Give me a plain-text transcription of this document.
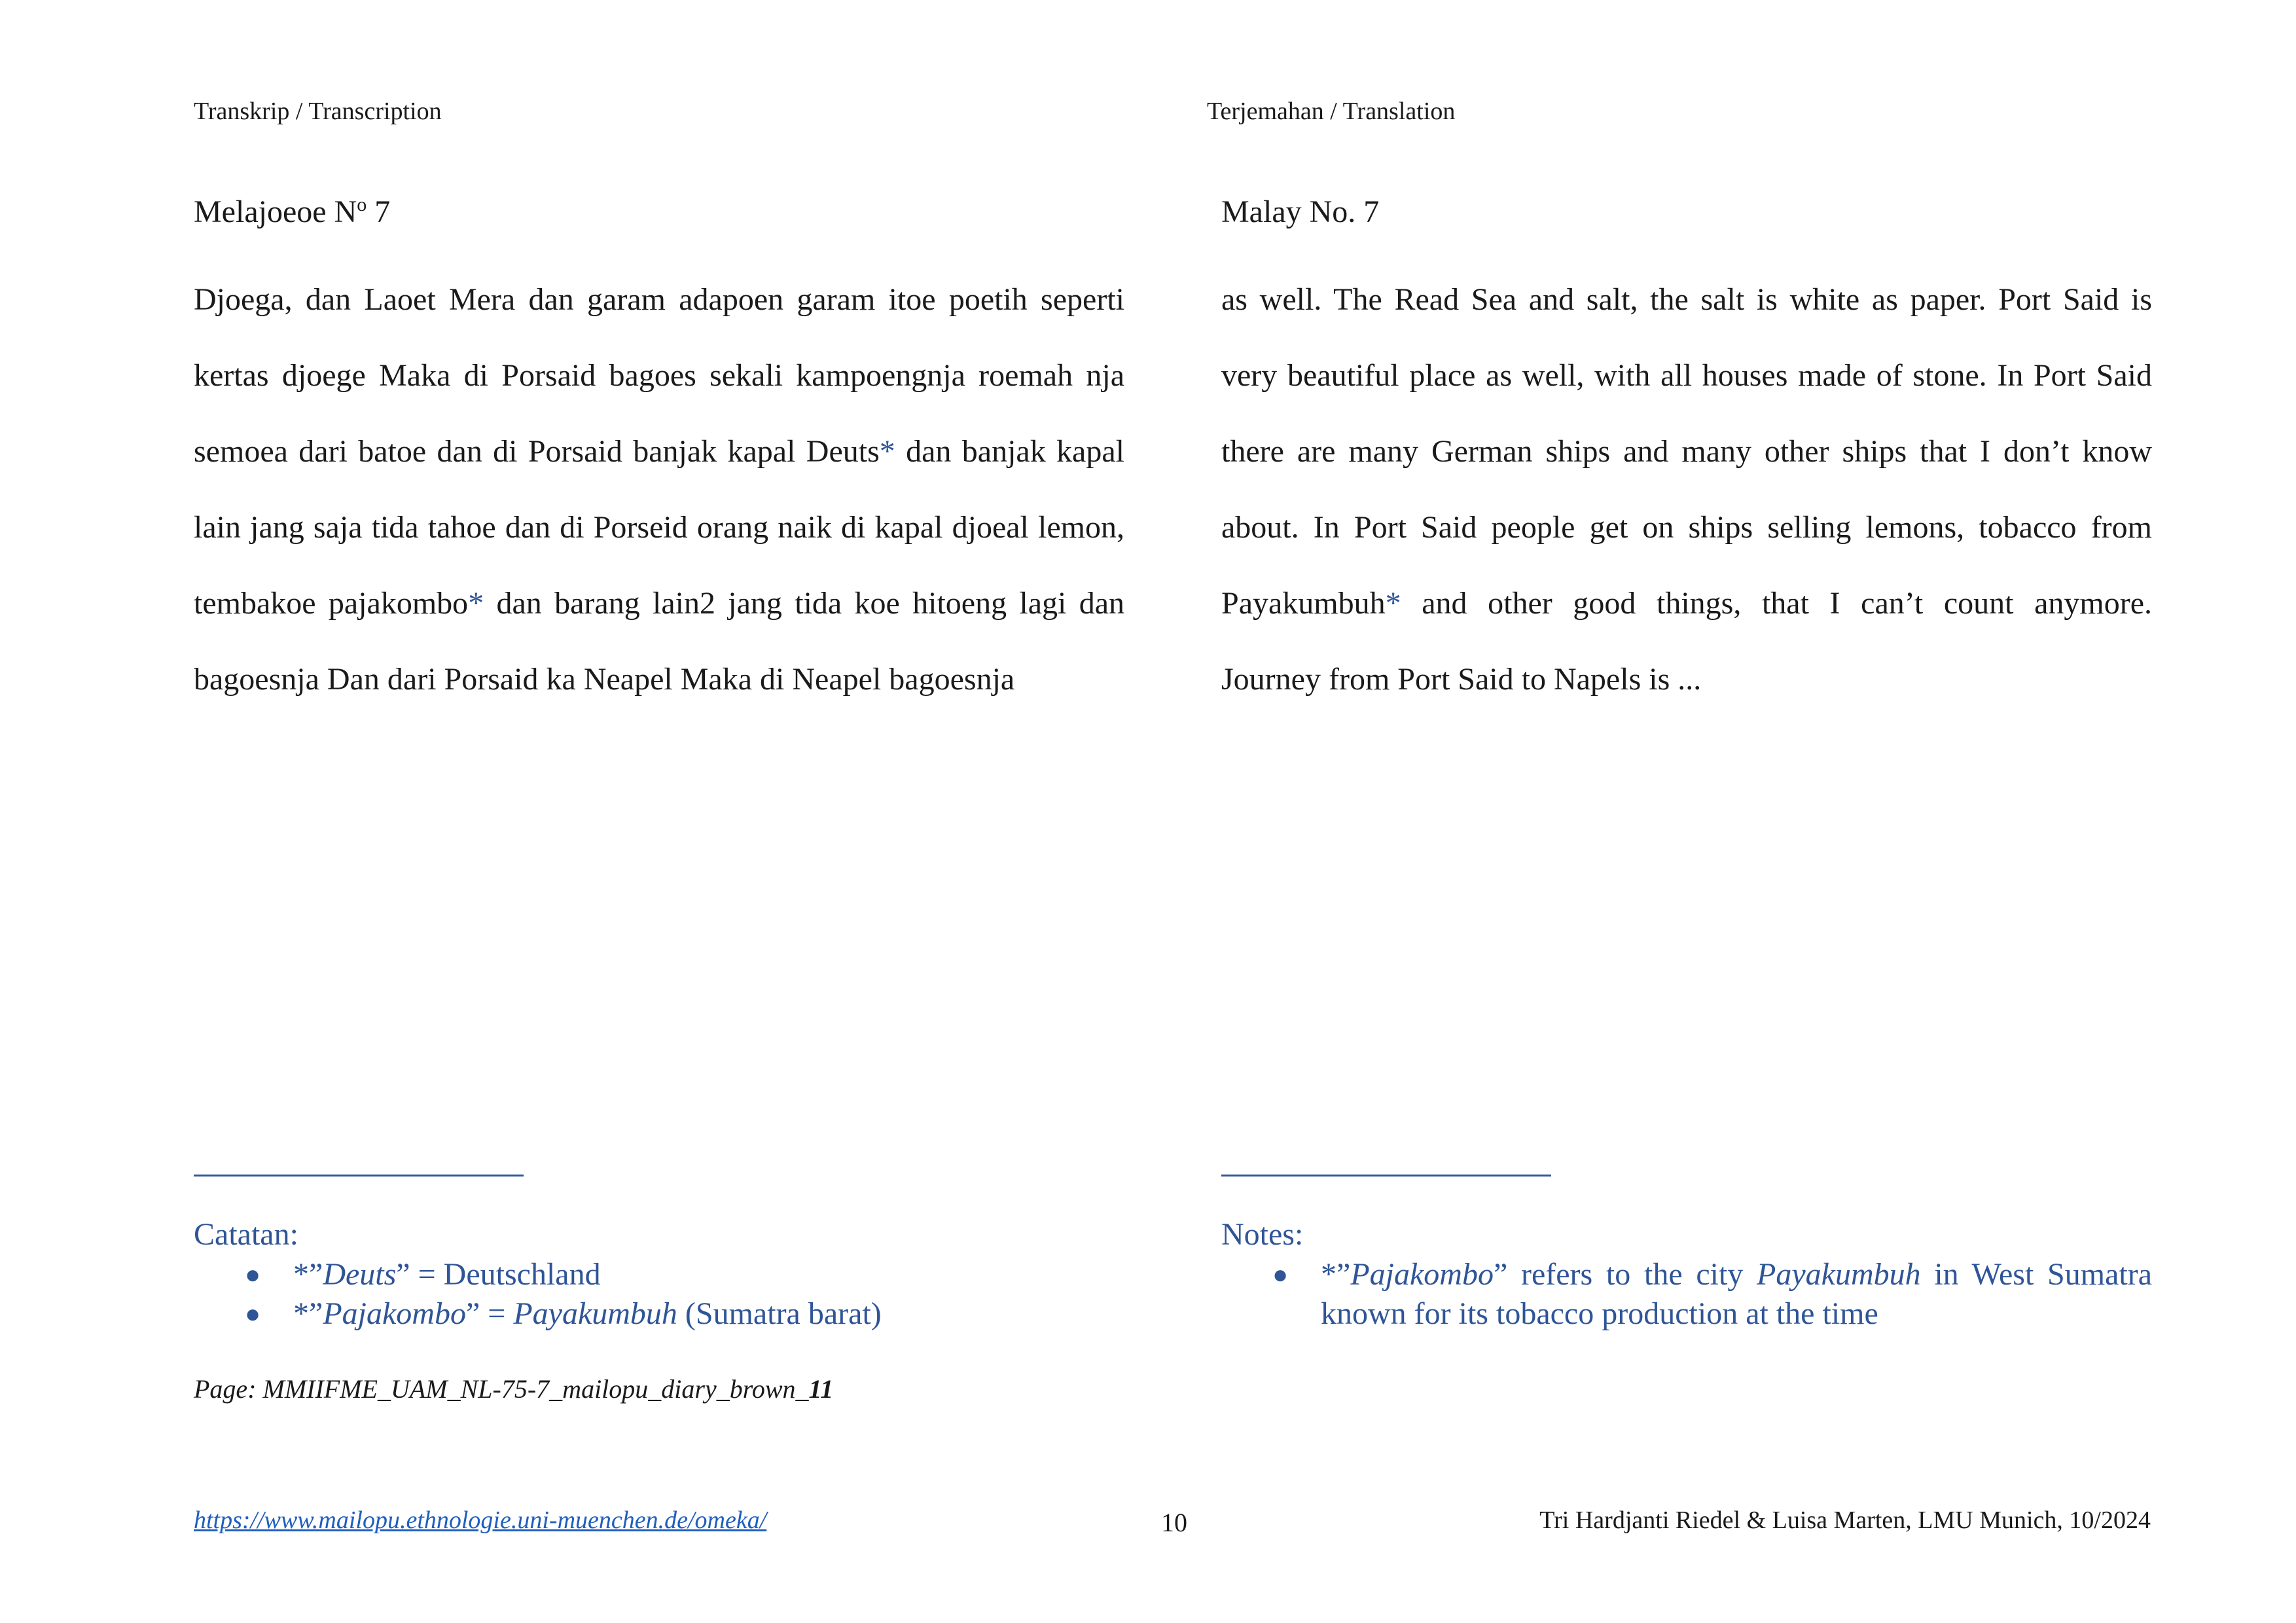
Transkrip / Transcription
Melajoeoe $N^o$ 7
Djoega, dan Laoet Mera dan garam adapoen garam itoe poetih seperti
kertas djoege Maka di Porsaid bagoes sekali kampoengnja roemah nja
semoea dari batoe dan di Porsaid banjak kapal Deuts* dan banjak kapal
lain jang saja tida tahoe dan di Porseid orang naik di kapal djoeal lemon,
tembakoe pajakombo* dan barang lain2 jang tida koe hitoeng lagi dan
bagoesnja Dan dari Porsaid ka Neapel Maka di Neapel bagoesnja
Catatan:
● *”Deuts” = Deutschland
● *”Pajakombo” = Payakumbuh (Sumatra barat)
Page: MMIIFME_UAM_NL-75-7_mailopu_diary_brown_11
Terjemahan / Translation
Malay No. 7
as well. The Read Sea and salt, the salt is white as paper. Port Said is
very beautiful place as well, with all houses made of stone. In Port Said
there are many German ships and many other ships that I don’t know
about. In Port Said people get on ships selling lemons, tobacco from
Payakumbuh* and other good things, that I can’t count anymore.
Journey from Port Said to Napels is ...
Notes:
● *”Pajakombo” refers to the city Payakumbuh in West Sumatra known for its tobacco production at the time
https://www.mailopu.ethnologie.uni-muenchen.de/omeka/	10	Tri Hardjanti Riedel & Luisa Marten, LMU Munich, 10/2024
